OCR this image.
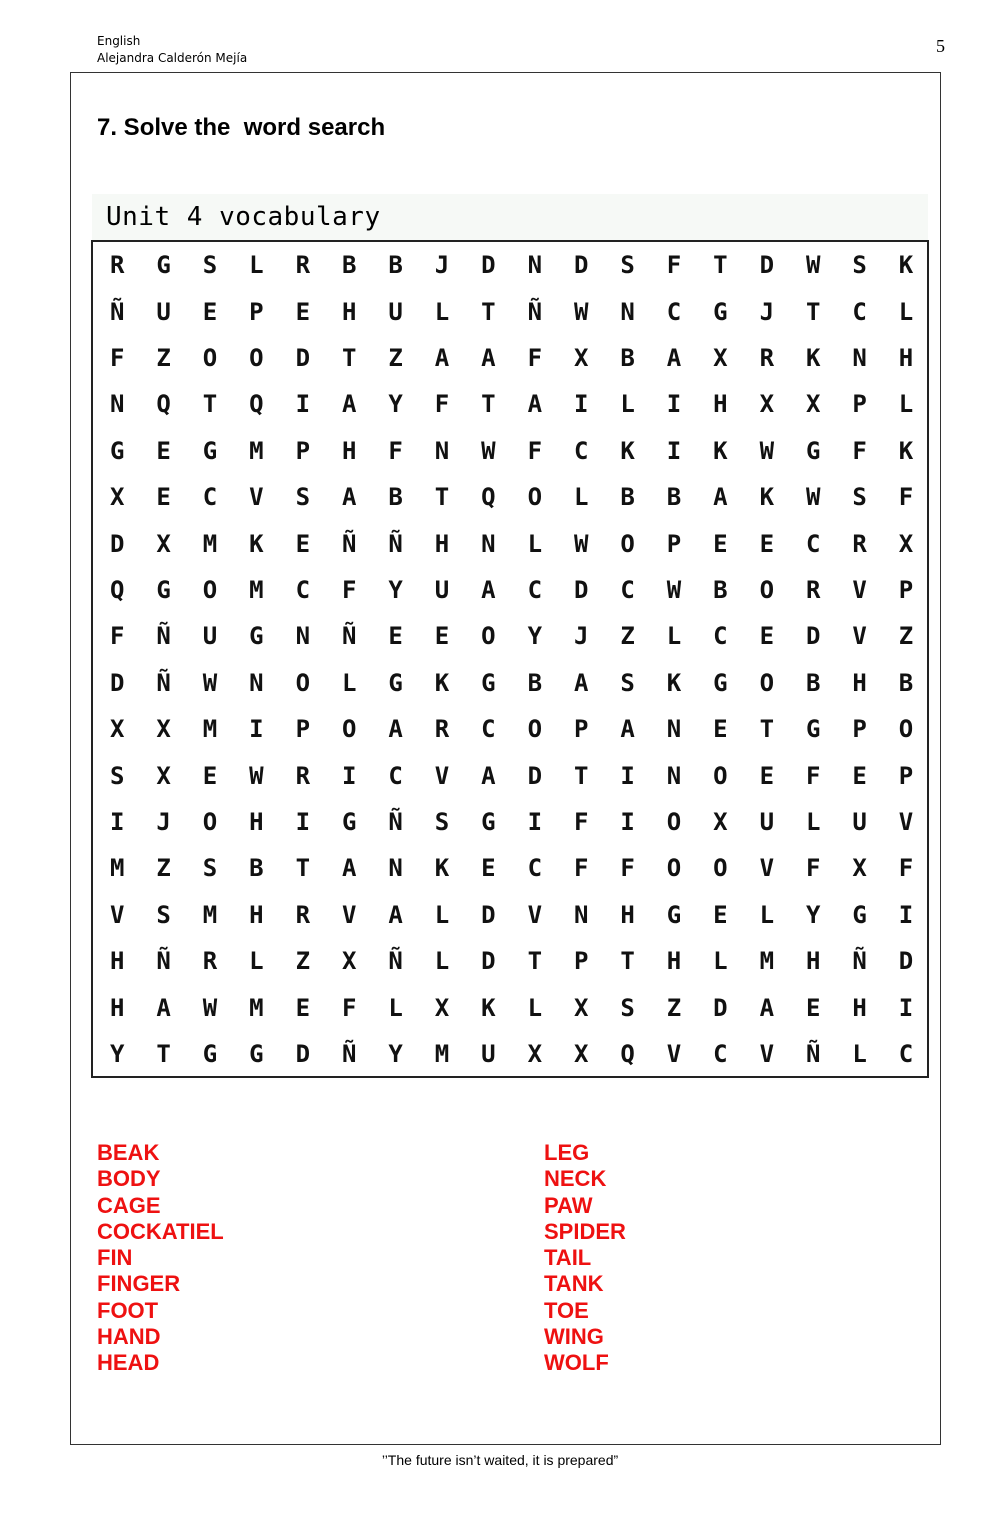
English
Alejandra Calderón Mejía
5
7. Solve the  word search
Unit 4 vocabulary
R	G	S	L	R	B	B	J	D	N	D	S	F	T	D	W	S	K
Ñ	U	E	P	E	H	U	L	T	Ñ	W	N	C	G	J	T	C	L
F	Z	O	O	D	T	Z	A	A	F	X	B	A	X	R	K	N	H
N	Q	T	Q	I	A	Y	F	T	A	I	L	I	H	X	X	P	L
G	E	G	M	P	H	F	N	W	F	C	K	I	K	W	G	F	K
X	E	C	V	S	A	B	T	Q	O	L	B	B	A	K	W	S	F
D	X	M	K	E	Ñ	Ñ	H	N	L	W	O	P	E	E	C	R	X
Q	G	O	M	C	F	Y	U	A	C	D	C	W	B	O	R	V	P
F	Ñ	U	G	N	Ñ	E	E	O	Y	J	Z	L	C	E	D	V	Z
D	Ñ	W	N	O	L	G	K	G	B	A	S	K	G	O	B	H	B
X	X	M	I	P	O	A	R	C	O	P	A	N	E	T	G	P	O
S	X	E	W	R	I	C	V	A	D	T	I	N	O	E	F	E	P
I	J	O	H	I	G	Ñ	S	G	I	F	I	O	X	U	L	U	V
M	Z	S	B	T	A	N	K	E	C	F	F	O	O	V	F	X	F
V	S	M	H	R	V	A	L	D	V	N	H	G	E	L	Y	G	I
H	Ñ	R	L	Z	X	Ñ	L	D	T	P	T	H	L	M	H	Ñ	D
H	A	W	M	E	F	L	X	K	L	X	S	Z	D	A	E	H	I
Y	T	G	G	D	Ñ	Y	M	U	X	X	Q	V	C	V	Ñ	L	C
BEAK
BODY
CAGE
COCKATIEL
FIN
FINGER
FOOT
HAND
HEAD
LEG
NECK
PAW
SPIDER
TAIL
TANK
TOE
WING
WOLF
’’The future isn’t waited, it is prepared”
